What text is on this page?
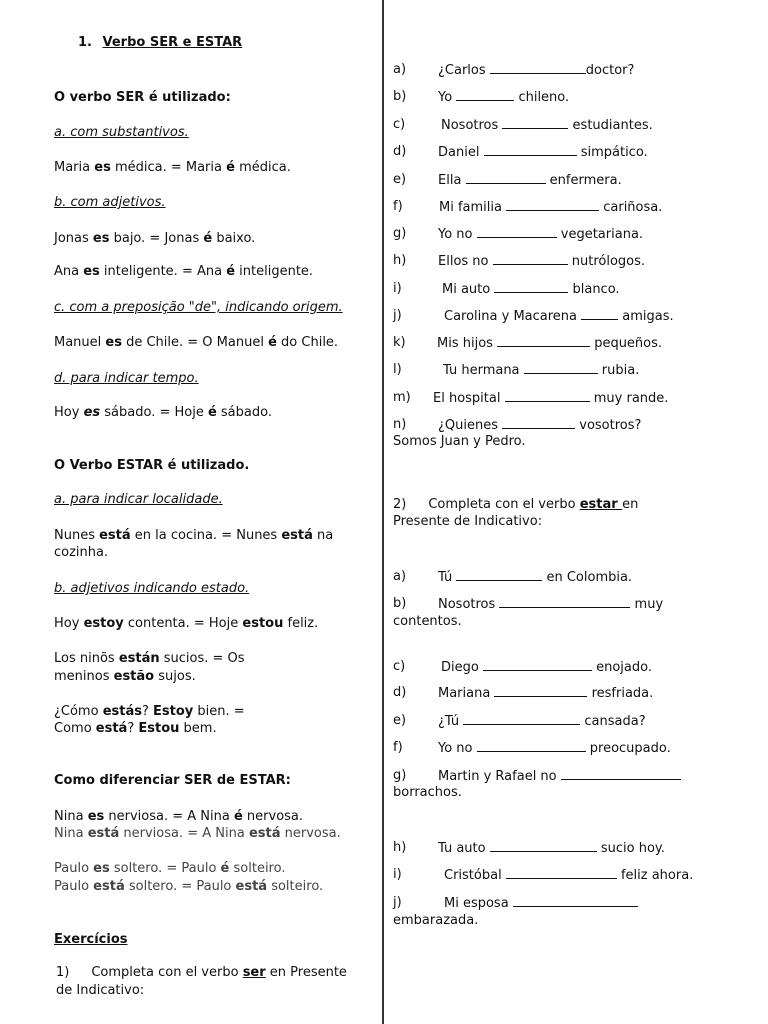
1. Verbo SER e ESTAR
O verbo SER é utilizado:
a. com substantivos.
Maria es médica. = Maria é médica.
b. com adjetivos.
Jonas es bajo. = Jonas é baixo.
Ana es inteligente. = Ana é inteligente.
c. com a preposição "de", indicando origem.
Manuel es de Chile. = O Manuel é do Chile.
d. para indicar tempo.
Hoy es sábado. = Hoje é sábado.
O Verbo ESTAR é utilizado.
a. para indicar localidade.
Nunes está en la cocina. = Nunes está na
cozinha.
b. adjetivos indicando estado.
Hoy estoy contenta. = Hoje estou feliz.
Los ninõs están sucios. = Os
meninos estão sujos.
¿Cómo estás? Estoy bien. =
Como está? Estou bem.
Como diferenciar SER de ESTAR:
Nina es nerviosa. = A Nina é nervosa.
Nina está nerviosa. = A Nina está nervosa.
Paulo es soltero. = Paulo é solteiro.
Paulo está soltero. = Paulo está solteiro.
Exercícios
1) Completa con el verbo ser en Presente
de Indicativo:
a) ¿Carlos	doctor?
b) Yo	chileno.
c)	Nosotros	estudiantes.
d) Daniel	simpático.
e) Ella	enfermera.
f)	Mi familia	cariñosa.
g) Yo no	vegetariana.
h) Ellos no	nutrólogos.
i)	Mi auto	blanco.
j)	Carolina y Macarena	amigas.
k) Mis hijos	pequeños.
l)	Tu hermana	rubia.
m) El hospital	muy rande.
n) ¿Quienes	vosotros?
Somos Juan y Pedro.
2) Completa con el verbo estar en
Presente de Indicativo:
a) Tú	en Colombia.
b) Nosotros	muy
c)	Diego	enojado.
d) Mariana	resfriada.
e) ¿Tú	cansada?
f)	Yo no	preocupado.
g) Martin y Rafael no
h) Tu auto	sucio hoy.
i)	Cristóbal	feliz ahora.
j)	Mi esposa
contentos.
borrachos.
embarazada.
